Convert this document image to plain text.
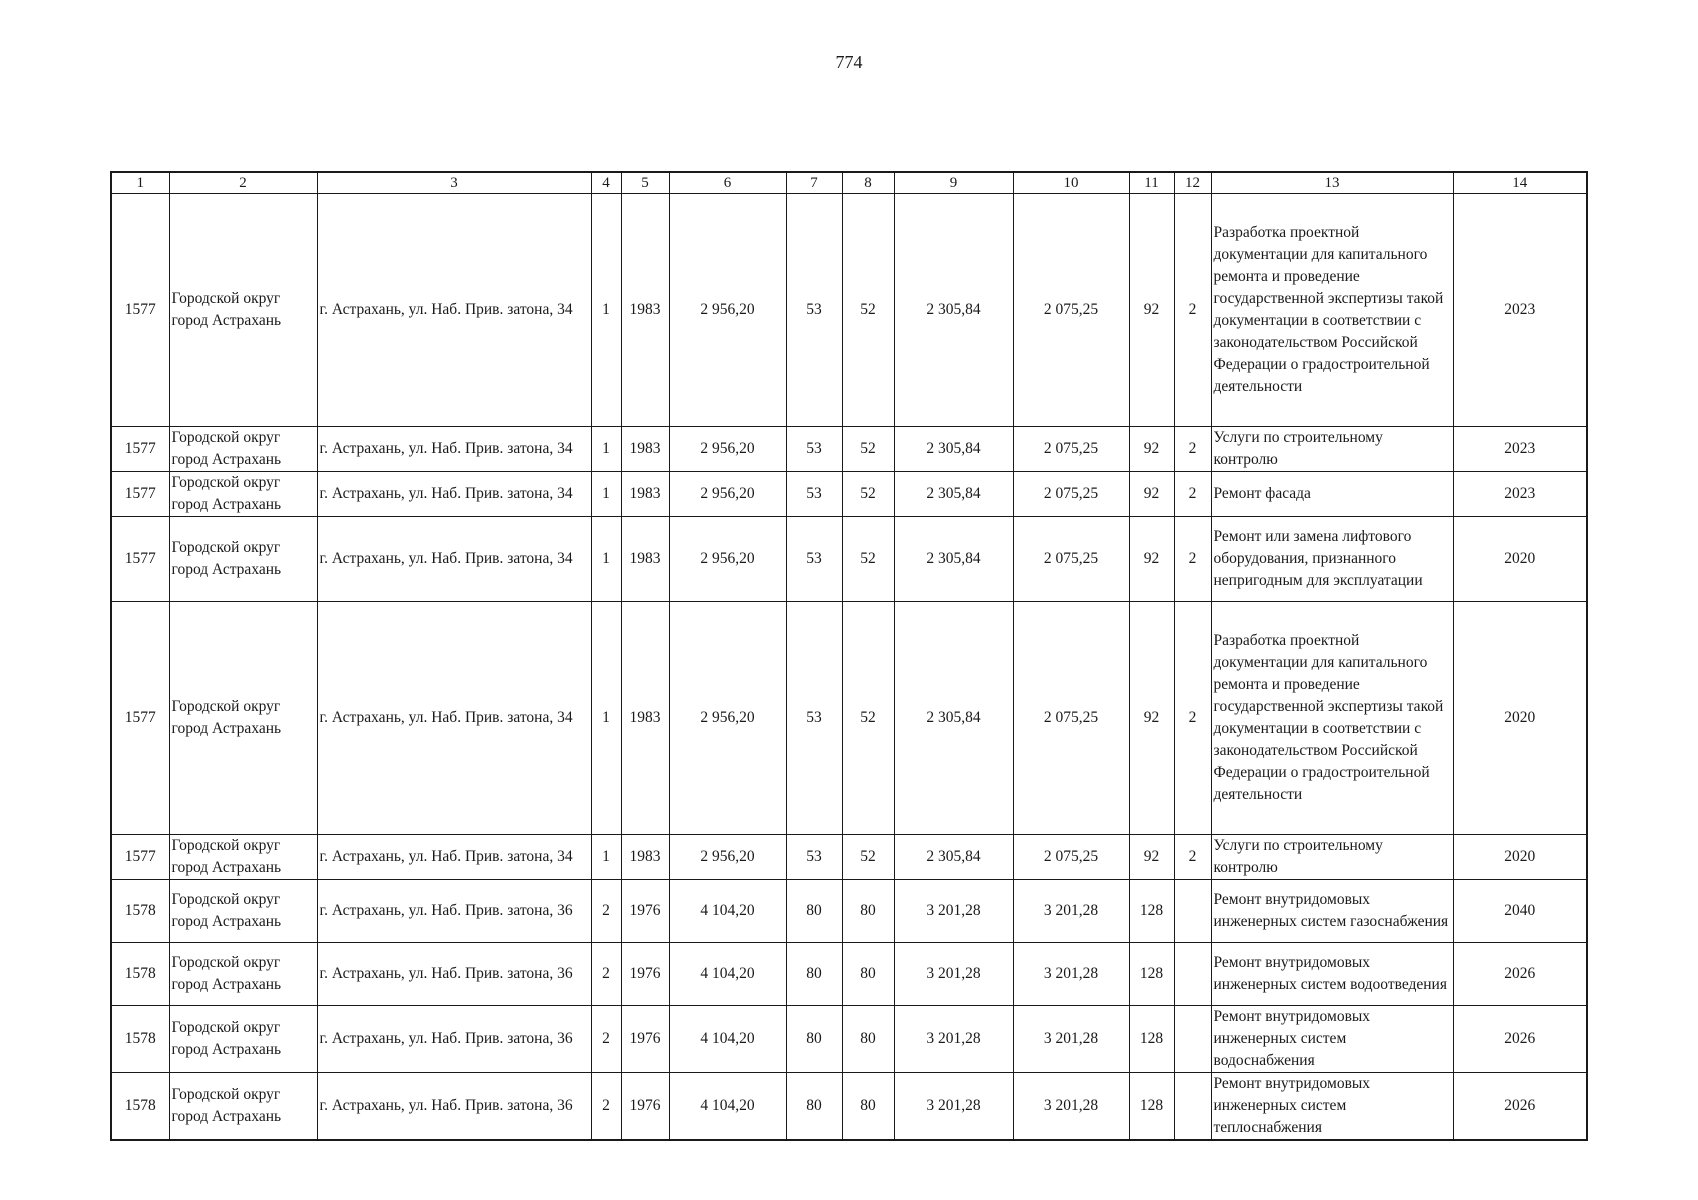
774
1	2	3	4	5	6	7	8	9	10	11	12	13	14
1577	Городской округ город Астрахань	г. Астрахань, ул. Наб. Прив. затона, 34	1	1983	2 956,20	53	52	2 305,84	2 075,25	92	2	Разработка проектной документации для капитального ремонта и проведение государственной экспертизы такой документации в соответствии с законодательством Российской Федерации о градостроительной деятельности	2023
1577	Городской округ город Астрахань	г. Астрахань, ул. Наб. Прив. затона, 34	1	1983	2 956,20	53	52	2 305,84	2 075,25	92	2	Услуги по строительному контролю	2023
1577	Городской округ город Астрахань	г. Астрахань, ул. Наб. Прив. затона, 34	1	1983	2 956,20	53	52	2 305,84	2 075,25	92	2	Ремонт фасада	2023
1577	Городской округ город Астрахань	г. Астрахань, ул. Наб. Прив. затона, 34	1	1983	2 956,20	53	52	2 305,84	2 075,25	92	2	Ремонт или замена лифтового оборудования, признанного непригодным для эксплуатации	2020
1577	Городской округ город Астрахань	г. Астрахань, ул. Наб. Прив. затона, 34	1	1983	2 956,20	53	52	2 305,84	2 075,25	92	2	Разработка проектной документации для капитального ремонта и проведение государственной экспертизы такой документации в соответствии с законодательством Российской Федерации о градостроительной деятельности	2020
1577	Городской округ город Астрахань	г. Астрахань, ул. Наб. Прив. затона, 34	1	1983	2 956,20	53	52	2 305,84	2 075,25	92	2	Услуги по строительному контролю	2020
1578	Городской округ город Астрахань	г. Астрахань, ул. Наб. Прив. затона, 36	2	1976	4 104,20	80	80	3 201,28	3 201,28	128		Ремонт внутридомовых инженерных систем газоснабжения	2040
1578	Городской округ город Астрахань	г. Астрахань, ул. Наб. Прив. затона, 36	2	1976	4 104,20	80	80	3 201,28	3 201,28	128		Ремонт внутридомовых инженерных систем водоотведения	2026
1578	Городской округ город Астрахань	г. Астрахань, ул. Наб. Прив. затона, 36	2	1976	4 104,20	80	80	3 201,28	3 201,28	128		Ремонт внутридомовых инженерных систем водоснабжения	2026
1578	Городской округ город Астрахань	г. Астрахань, ул. Наб. Прив. затона, 36	2	1976	4 104,20	80	80	3 201,28	3 201,28	128		Ремонт внутридомовых инженерных систем теплоснабжения	2026
